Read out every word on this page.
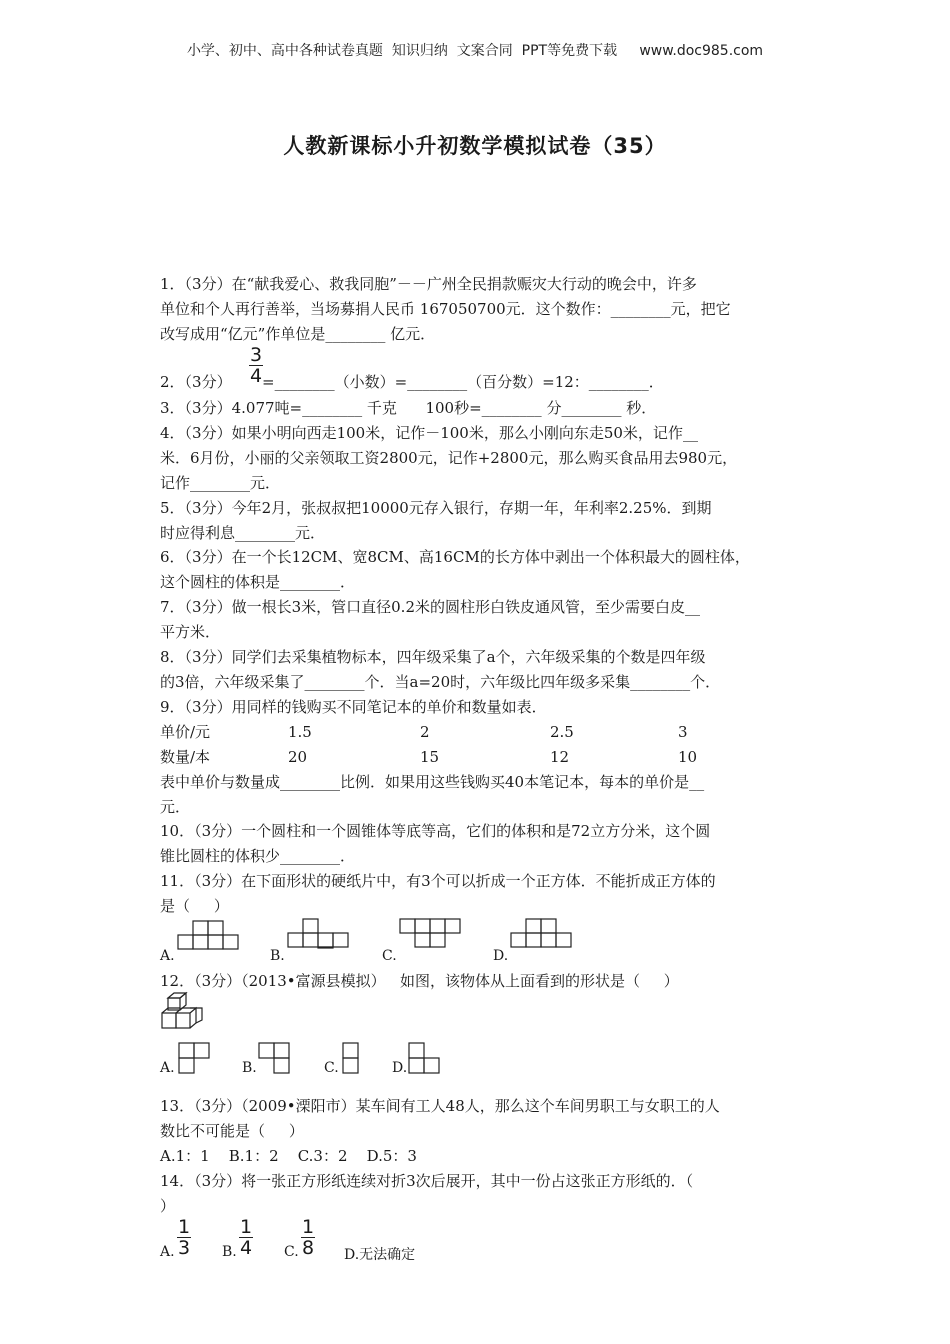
小学、初中、高中各种试卷真题  知识归纳  文案合同  PPT等免费下载     www.doc985.com
人教新课标小升初数学模拟试卷（35）
1．（3分）在“献我爱心、救我同胞”－－广州全民捐款赈灾大行动的晚会中，许多
单位和个人再行善举，当场募捐人民币 167050700元．这个数作：________元，把它
改写成用“亿元”作单位是________ 亿元．
2．（3分）
3
4 =________（小数）=________（百分数）=12：________．
3．（3分）4.077吨=________ 千克      100秒=________ 分________ 秒．
4．（3分）如果小明向西走100米，记作－100米，那么小刚向东走50米，记作__
米．6月份，小丽的父亲领取工资2800元，记作+2800元，那么购买食品用去980元，
记作________元．
5．（3分）今年2月，张叔叔把10000元存入银行，存期一年，年利率2.25%．到期
时应得利息________元．
6．（3分）在一个长12CM、宽8CM、高16CM的长方体中剥出一个体积最大的圆柱体，
这个圆柱的体积是________．
7．（3分）做一根长3米，管口直径0.2米的圆柱形白铁皮通风管，至少需要白皮__
平方米．
8．（3分）同学们去采集植物标本，四年级采集了a个，六年级采集的个数是四年级
的3倍，六年级采集了________个．当a=20时，六年级比四年级多采集________个．
9．（3分）用同样的钱购买不同笔记本的单价和数量如表．
单价/元	1.5	2	2.5	3
数量/本	20	15	12	10
表中单价与数量成________比例．如果用这些钱购买40本笔记本，每本的单价是__
元．
10．（3分）一个圆柱和一个圆锥体等底等高，它们的体积和是72立方分米，这个圆
锥比圆柱的体积少________．
11．（3分）在下面形状的硬纸片中，有3个可以折成一个正方体．不能折成正方体的
是（     ）
A.	B.	C.	D.
12．（3分）（2013•富源县模拟）   如图，该物体从上面看到的形状是（     ）
A.	B.	C.	D.
13．（3分）（2009•溧阳市）某车间有工人48人，那么这个车间男职工与女职工的人
数比不可能是（     ）
A.1：1    B.1：2    C.3：2    D.5：3
14．（3分）将一张正方形纸连续对折3次后展开，其中一份占这张正方形纸的．（
）
A.
1
3 B.
1
4 C.
1
8 D.无法确定
